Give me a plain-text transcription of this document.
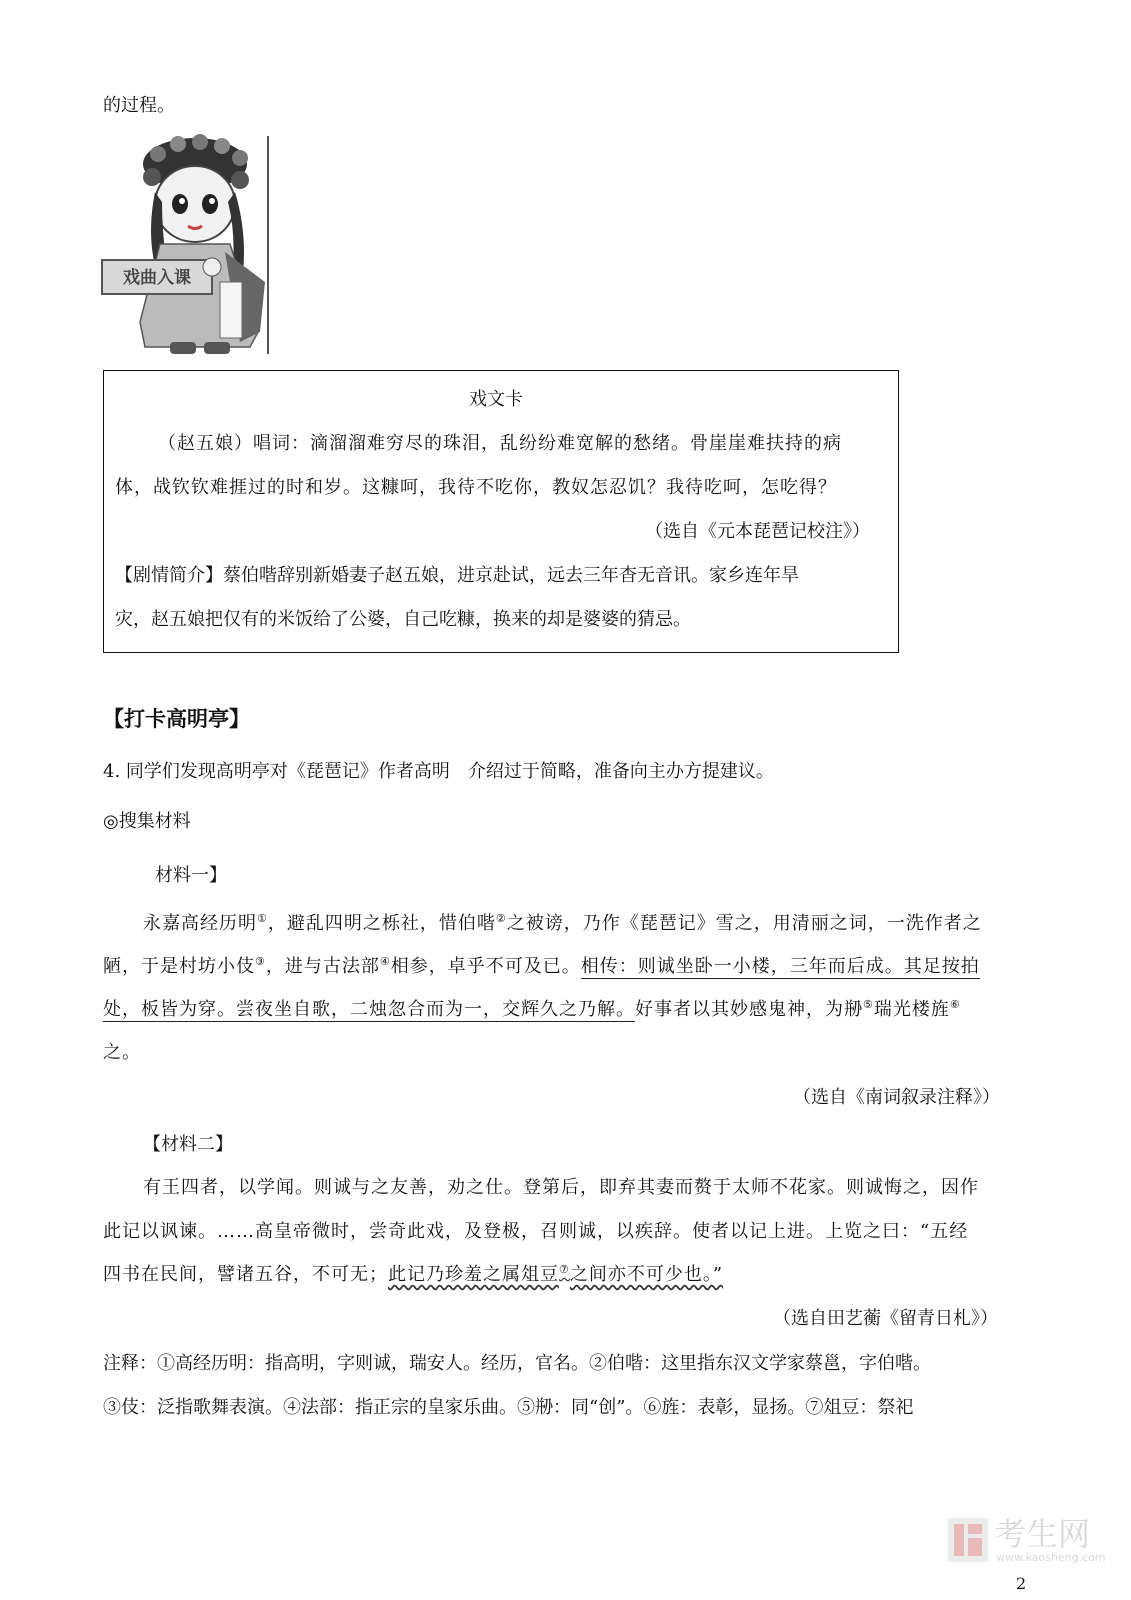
的过程。
戏曲入课
戏文卡
（赵五娘）唱词：滴溜溜难穷尽的珠泪，乱纷纷难宽解的愁绪。骨崖崖难扶持的病
体，战钦钦难捱过的时和岁。这糠呵，我待不吃你，教奴怎忍饥？我待吃呵，怎吃得？
（选自《元本琵琶记校注》）
【剧情简介】蔡伯喈辞别新婚妻子赵五娘，进京赴试，远去三年杳无音讯。家乡连年旱
灾，赵五娘把仅有的米饭给了公婆，自己吃糠，换来的却是婆婆的猜忌。
【打卡高明亭】
4. 同学们发现高明亭对《琵琶记》作者高明　介绍过于简略，准备向主办方提建议。
◎搜集材料
材料一】
永嘉高经历明①，避乱四明之栎社，惜伯喈②之被谤，乃作《琵琶记》雪之，用清丽之词，一洗作者之
陋，于是村坊小伎③，进与古法部④相参，卓乎不可及已。相传：则诚坐卧一小楼，三年而后成。其足按拍
处，板皆为穿。尝夜坐自歌，二烛忽合而为一，交辉久之乃解。好事者以其妙感鬼神，为剙⑤瑞光楼旌⑥
之。
（选自《南词叙录注释》）
【材料二】
有王四者，以学闻。则诚与之友善，劝之仕。登第后，即弃其妻而赘于太师不花家。则诚悔之，因作
此记以讽谏。……高皇帝微时，尝奇此戏，及登极，召则诚，以疾辞。使者以记上进。上览之曰：“五经
四书在民间，譬诸五谷，不可无；此记乃珍羞之属俎豆⑦之间亦不可少也。”
（选自田艺蘅《留青日札》）
注释：①高经历明：指高明，字则诚，瑞安人。经历，官名。②伯喈：这里指东汉文学家蔡邕，字伯喈。
③伎：泛指歌舞表演。④法部：指正宗的皇家乐曲。⑤剙：同“创”。⑥旌：表彰，显扬。⑦俎豆：祭祀
考生网
www.kaosheng.com
2
